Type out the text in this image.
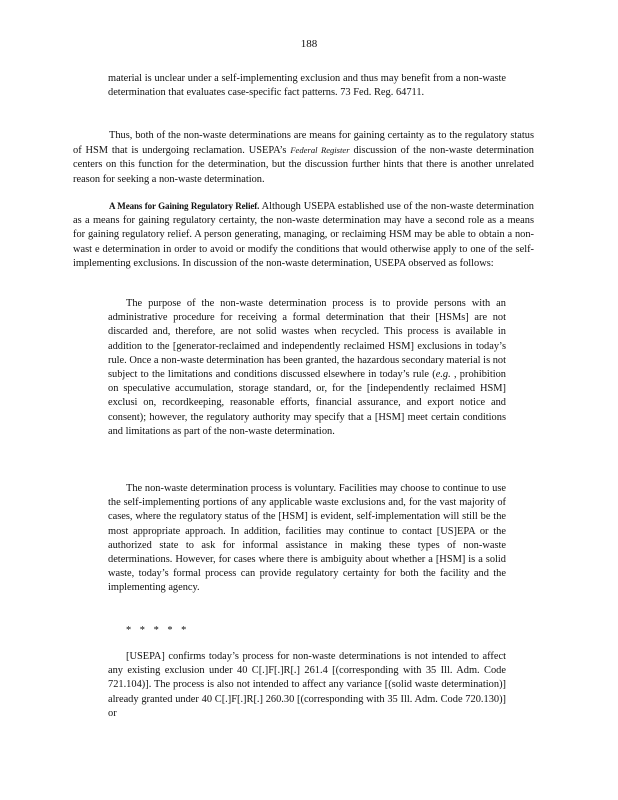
188

material is unclear under a self-implementing exclusion and thus may benefit from a non-waste determination that evaluates case-specific fact patterns. 73 Fed. Reg. 64711.

Thus, both of the non-waste determinations are means for gaining certainty as to the regulatory status of HSM that is undergoing reclamation. USEPA’s Federal Register discussion of the non-waste determination centers on this function for the determination, but the discussion further hints that there is another unrelated reason for seeking a non-waste determination.

A Means for Gaining Regulatory Relief. Although USEPA established use of the non-waste determination as a means for gaining regulatory certainty, the non-waste determination may have a second role as a means for gaining regulatory relief. A person generating, managing, or reclaiming HSM may be able to obtain a non-wast e determination in order to avoid or modify the conditions that would otherwise apply to one of the self-implementing exclusions. In discussion of the non-waste determination, USEPA observed as follows:

The purpose of the non-waste determination process is to provide persons with an administrative procedure for receiving a formal determination that their [HSMs] are not discarded and, therefore, are not solid wastes when recycled. This process is available in addition to the [generator-reclaimed and independently reclaimed HSM] exclusions in today’s rule. Once a non-waste determination has been granted, the hazardous secondary material is not subject to the limitations and conditions discussed elsewhere in today’s rule (e.g. , prohibition on speculative accumulation, storage standard, or, for the [independently reclaimed HSM] exclusi on, recordkeeping, reasonable efforts, financial assurance, and export notice and consent); however, the regulatory authority may specify that a [HSM] meet certain conditions and limitations as part of the non-waste determination.

The non-waste determination process is voluntary. Facilities may choose to continue to use the self-implementing portions of any applicable waste exclusions and, for the vast majority of cases, where the regulatory status of the [HSM] is evident, self-implementation will still be the most appropriate approach. In addition, facilities may continue to contact [US]EPA or the authorized state to ask for informal assistance in making these types of non-waste determinations. However, for cases where there is ambiguity about whether a [HSM] is a solid waste, today’s formal process can provide regulatory certainty for both the facility and the implementing agency.

* * * * *

[USEPA] confirms today’s process for non-waste determinations is not intended to affect any existing exclusion under 40 C[.]F[.]R[.] 261.4 [(corresponding with 35 Ill. Adm. Code 721.104)]. The process is also not intended to affect any variance [(solid waste determination)] already granted under 40 C[.]F[.]R[.] 260.30 [(corresponding with 35 Ill. Adm. Code 720.130)] or
